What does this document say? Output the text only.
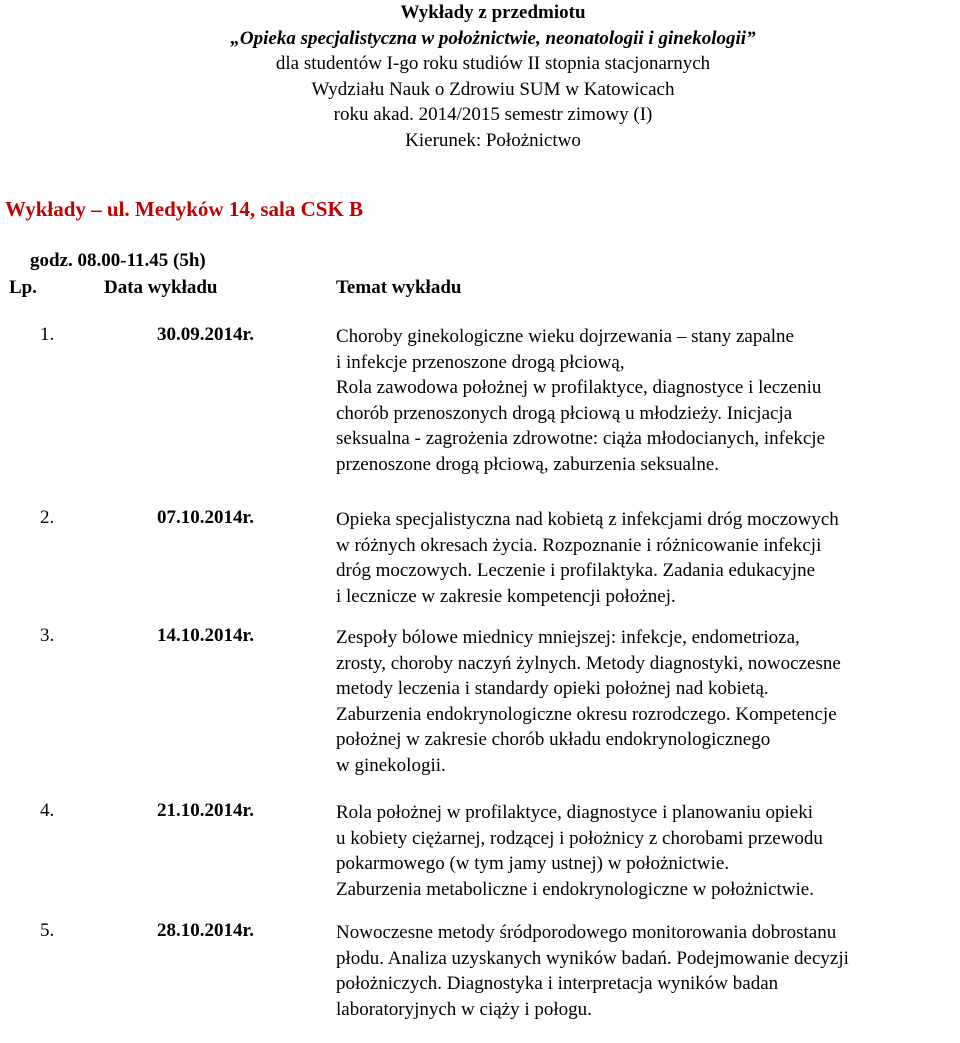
Wykłady z przedmiotu
„Opieka specjalistyczna w położnictwie, neonatologii i ginekologii”
dla studentów I-go roku studiów II stopnia stacjonarnych
Wydziału Nauk o Zdrowiu SUM w Katowicach
roku akad. 2014/2015 semestr zimowy (I)
Kierunek: Położnictwo
Wykłady – ul. Medyków 14, sala CSK B
godz. 08.00-11.45 (5h)
Lp.	Data wykładu	Temat wykładu
1.	30.09.2014r.	Choroby ginekologiczne wieku dojrzewania – stany zapalne
i infekcje przenoszone drogą płciową,
Rola zawodowa położnej w profilaktyce, diagnostyce i leczeniu
chorób przenoszonych drogą płciową u młodzieży. Inicjacja
seksualna - zagrożenia zdrowotne: ciąża młodocianych, infekcje
przenoszone drogą płciową, zaburzenia seksualne.
2.	07.10.2014r.	Opieka specjalistyczna nad kobietą z infekcjami dróg moczowych
w różnych okresach życia. Rozpoznanie i różnicowanie infekcji
dróg moczowych. Leczenie i profilaktyka. Zadania edukacyjne
i lecznicze w zakresie kompetencji położnej.
3.	14.10.2014r.	Zespoły bólowe miednicy mniejszej: infekcje, endometrioza,
zrosty, choroby naczyń żylnych. Metody diagnostyki, nowoczesne
metody leczenia i standardy opieki położnej nad kobietą.
Zaburzenia endokrynologiczne okresu rozrodczego. Kompetencje
położnej w zakresie chorób układu endokrynologicznego
w ginekologii.
4.	21.10.2014r.	Rola położnej w profilaktyce, diagnostyce i planowaniu opieki
u kobiety ciężarnej, rodzącej i położnicy z chorobami przewodu
pokarmowego (w tym jamy ustnej) w położnictwie.
Zaburzenia metaboliczne i endokrynologiczne w położnictwie.
5.	28.10.2014r.	Nowoczesne metody śródporodowego monitorowania dobrostanu
płodu. Analiza uzyskanych wyników badań. Podejmowanie decyzji
położniczych. Diagnostyka i interpretacja wyników badan
laboratoryjnych w ciąży i połogu.
